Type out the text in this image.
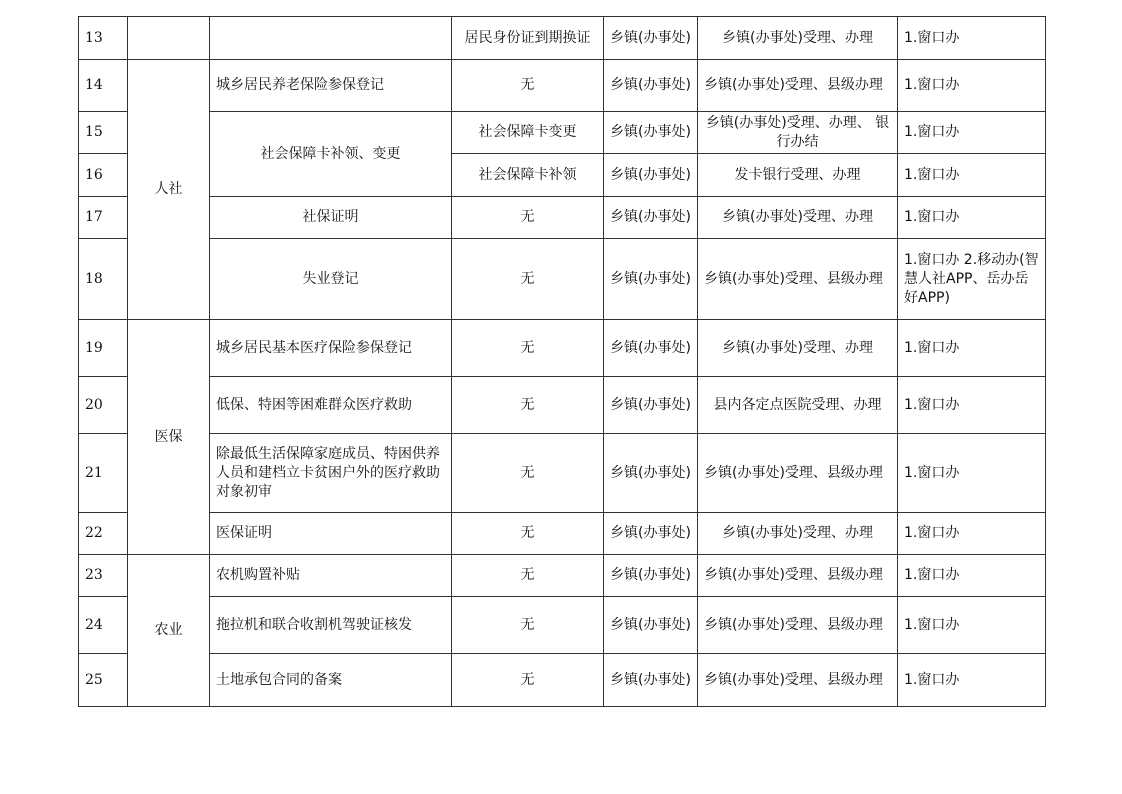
13			居民身份证到期换证	乡镇(办事处)	乡镇(办事处)受理、办理	1.窗口办
14	人社	城乡居民养老保险参保登记	无	乡镇(办事处)	乡镇(办事处)受理、县级办理	1.窗口办
15		社会保障卡补领、变更	社会保障卡变更	乡镇(办事处)	乡镇(办事处)受理、办理、 银行办结	1.窗口办
16			社会保障卡补领	乡镇(办事处)	发卡银行受理、办理	1.窗口办
17		社保证明	无	乡镇(办事处)	乡镇(办事处)受理、办理	1.窗口办
18		失业登记	无	乡镇(办事处)	乡镇(办事处)受理、县级办理	1.窗口办 2.移动办(智慧人社APP、岳办岳好APP)
19	医保	城乡居民基本医疗保险参保登记	无	乡镇(办事处)	乡镇(办事处)受理、办理	1.窗口办
20		低保、特困等困难群众医疗救助	无	乡镇(办事处)	县内各定点医院受理、办理	1.窗口办
21		除最低生活保障家庭成员、特困供养人员和建档立卡贫困户外的医疗救助对象初审	无	乡镇(办事处)	乡镇(办事处)受理、县级办理	1.窗口办
22		医保证明	无	乡镇(办事处)	乡镇(办事处)受理、办理	1.窗口办
23	农业	农机购置补贴	无	乡镇(办事处)	乡镇(办事处)受理、县级办理	1.窗口办
24		拖拉机和联合收割机驾驶证核发	无	乡镇(办事处)	乡镇(办事处)受理、县级办理	1.窗口办
25		土地承包合同的备案	无	乡镇(办事处)	乡镇(办事处)受理、县级办理	1.窗口办
